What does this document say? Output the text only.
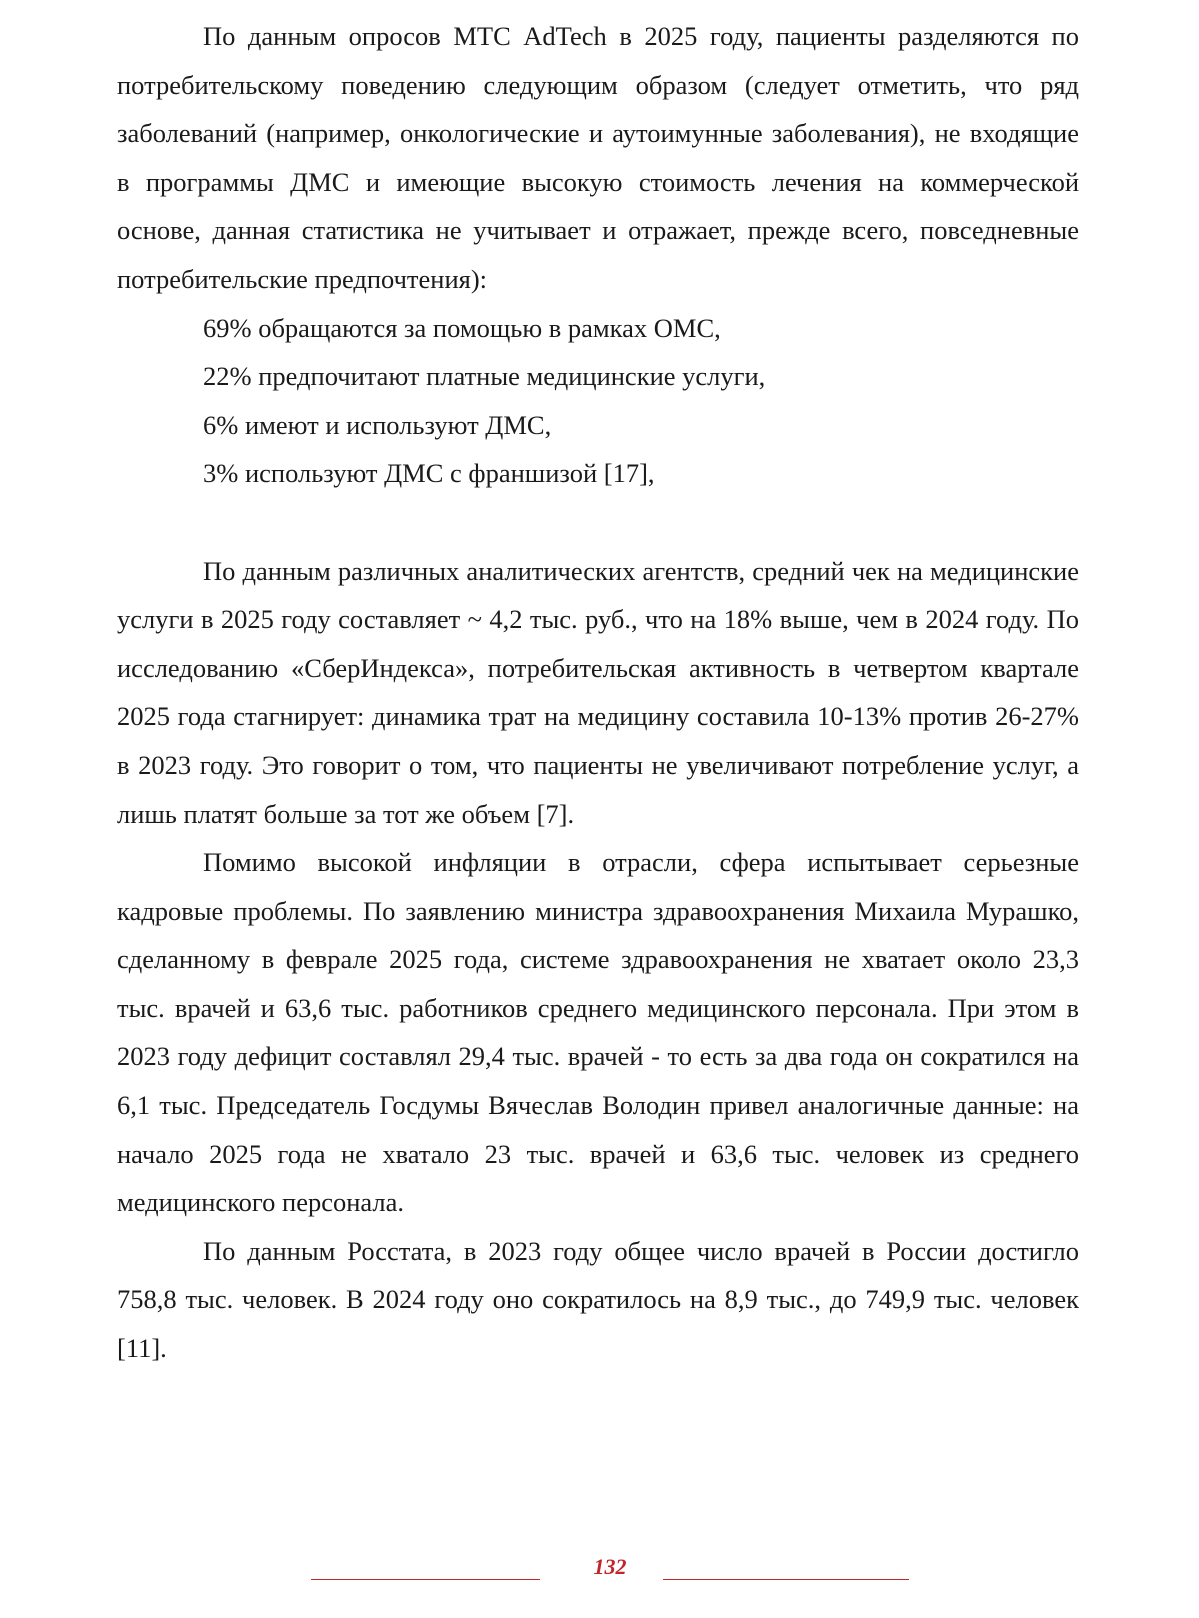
По данным опросов МТС AdTech в 2025 году, пациенты разделяются по потребительскому поведению следующим образом (следует отметить, что ряд заболеваний (например, онкологические и аутоимунные заболевания), не входящие в программы ДМС и имеющие высокую стоимость лечения на коммерческой основе, данная статистика не учитывает и отражает, прежде всего, повседневные потребительские предпочтения):

69% обращаются за помощью в рамках ОМС,

22% предпочитают платные медицинские услуги,

6% имеют и используют ДМС,

3% используют ДМС с франшизой [17],

По данным различных аналитических агентств, средний чек на медицинские услуги в 2025 году составляет ~ 4,2 тыс. руб., что на 18% выше, чем в 2024 году. По исследованию «СберИндекса», потребительская активность в четвертом квартале 2025 года стагнирует: динамика трат на медицину составила 10-13% против 26-27% в 2023 году. Это говорит о том, что пациенты не увеличивают потребление услуг, а лишь платят больше за тот же объем [7].

Помимо высокой инфляции в отрасли, сфера испытывает серьезные кадровые проблемы. По заявлению министра здравоохранения Михаила Мурашко, сделанному в феврале 2025 года, системе здравоохранения не хватает около 23,3 тыс. врачей и 63,6 тыс. работников среднего медицинского персонала. При этом в 2023 году дефицит составлял 29,4 тыс. врачей - то есть за два года он сократился на 6,1 тыс. Председатель Госдумы Вячеслав Володин привел аналогичные данные: на начало 2025 года не хватало 23 тыс. врачей и 63,6 тыс. человек из среднего медицинского персонала.

По данным Росстата, в 2023 году общее число врачей в России достигло 758,8 тыс. человек. В 2024 году оно сократилось на 8,9 тыс., до 749,9 тыс. человек [11].

132
